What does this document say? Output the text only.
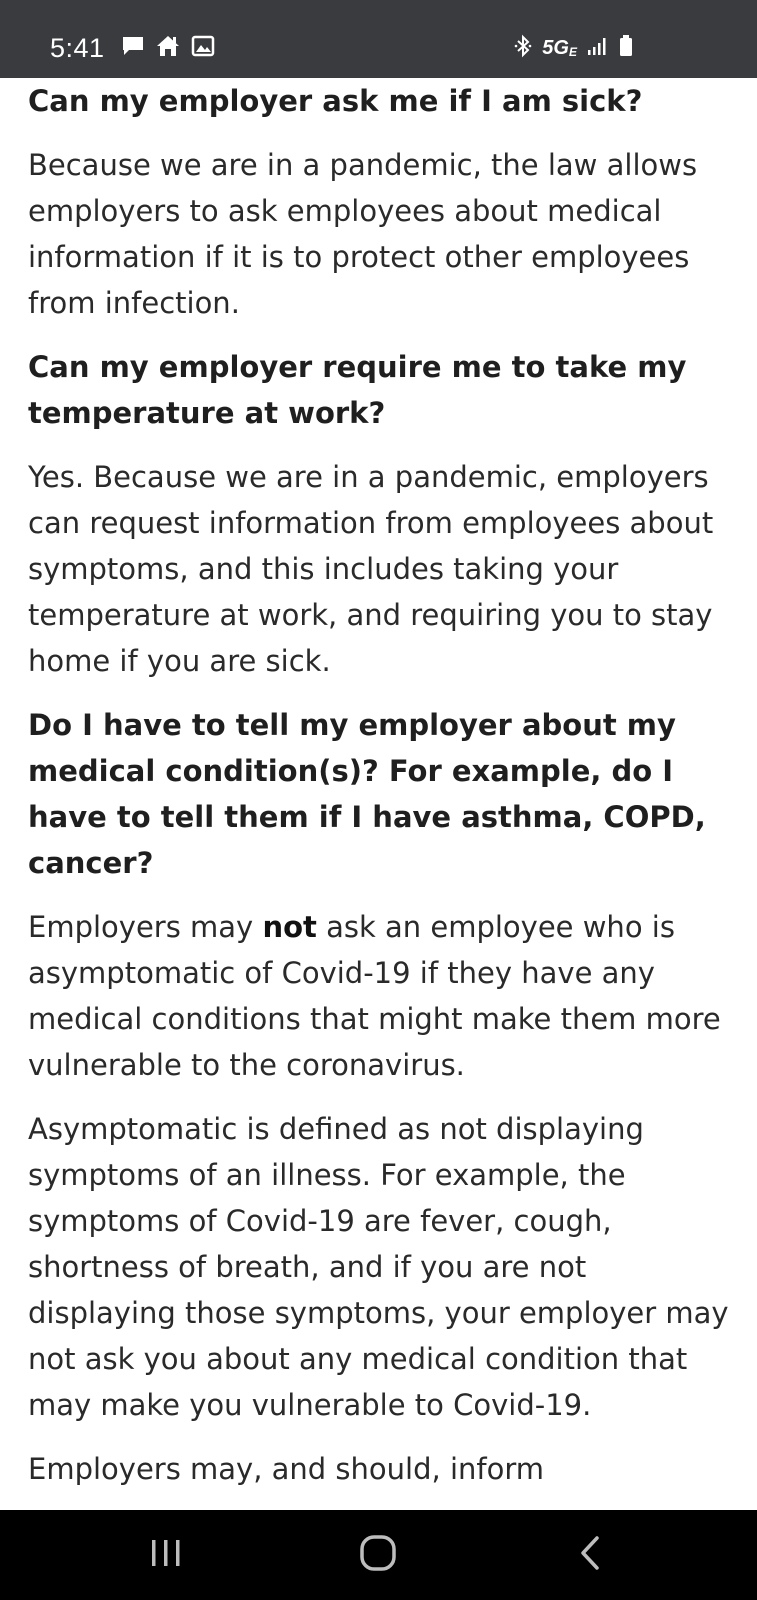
5:41	$5G_E$
Can my employer ask me if I am sick?

Because we are in a pandemic, the law allows employers to ask employees about medical information if it is to protect other employees from infection.

Can my employer require me to take my temperature at work?

Yes. Because we are in a pandemic, employers can request information from employees about symptoms, and this includes taking your temperature at work, and requiring you to stay home if you are sick.

Do I have to tell my employer about my medical condition(s)? For example, do I have to tell them if I have asthma, COPD, cancer?

Employers may not ask an employee who is asymptomatic of Covid-19 if they have any medical conditions that might make them more vulnerable to the coronavirus.

Asymptomatic is defined as not displaying symptoms of an illness. For example, the symptoms of Covid-19 are fever, cough, shortness of breath, and if you are not displaying those symptoms, your employer may not ask you about any medical condition that may make you vulnerable to Covid-19.

Employers may, and should, inform
